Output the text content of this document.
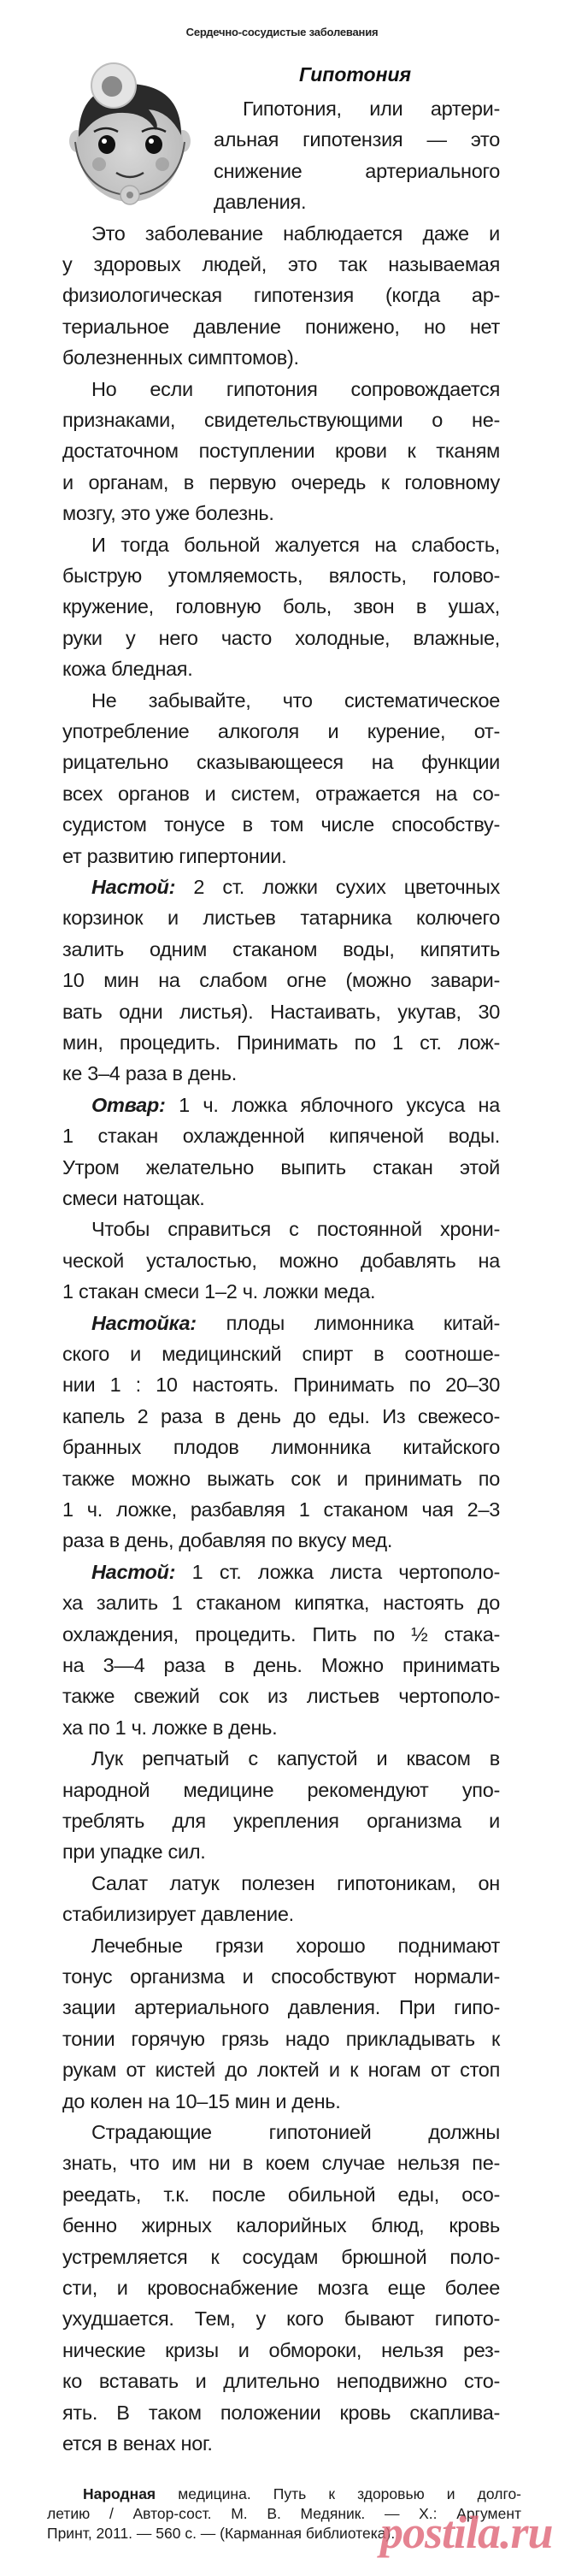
Сердечно-сосудистые заболевания
Гипотония
Гипотония, или артери-
альная гипотензия — это
снижение артериального
давления.
Это заболевание наблюдается даже и
у здоровых людей, это так называемая
физиологическая гипотензия (когда ар-
териальное давление понижено, но нет
болезненных симптомов).
Но если гипотония сопровождается
признаками, свидетельствующими о не-
достаточном поступлении крови к тканям
и органам, в первую очередь к головному
мозгу, это уже болезнь.
И тогда больной жалуется на слабость,
быструю утомляемость, вялость, голово-
кружение, головную боль, звон в ушах,
руки у него часто холодные, влажные,
кожа бледная.
Не забывайте, что систематическое
употребление алкоголя и курение, от-
рицательно сказывающееся на функции
всех органов и систем, отражается на со-
судистом тонусе в том числе способству-
ет развитию гипертонии.
Настой: 2 ст. ложки сухих цветочных
корзинок и листьев татарника колючего
залить одним стаканом воды, кипятить
10 мин на слабом огне (можно завари-
вать одни листья). Настаивать, укутав, 30
мин, процедить. Принимать по 1 ст. лож-
ке 3–4 раза в день.
Отвар: 1 ч. ложка яблочного уксуса на
1 стакан охлажденной кипяченой воды.
Утром желательно выпить стакан этой
смеси натощак.
Чтобы справиться с постоянной хрони-
ческой усталостью, можно добавлять на
1 стакан смеси 1–2 ч. ложки меда.
Настойка: плоды лимонника китай-
ского и медицинский спирт в соотноше-
нии 1 : 10 настоять. Принимать по 20–30
капель 2 раза в день до еды. Из свежесо-
бранных плодов лимонника китайского
также можно выжать сок и принимать по
1 ч. ложке, разбавляя 1 стаканом чая 2–3
раза в день, добавляя по вкусу мед.
Настой: 1 ст. ложка листа чертополо-
ха залить 1 стаканом кипятка, настоять до
охлаждения, процедить. Пить по ½ стака-
на 3—4 раза в день. Можно принимать
также свежий сок из листьев чертополо-
ха по 1 ч. ложке в день.
Лук репчатый с капустой и квасом в
народной медицине рекомендуют упо-
треблять для укрепления организма и
при упадке сил.
Салат латук полезен гипотоникам, он
стабилизирует давление.
Лечебные грязи хорошо поднимают
тонус организма и способствуют нормали-
зации артериального давления. При гипо-
тонии горячую грязь надо прикладывать к
рукам от кистей до локтей и к ногам от стоп
до колен на 10–15 мин и день.
Страдающие гипотонией должны
знать, что им ни в коем случае нельзя пе-
реедать, т.к. после обильной еды, осо-
бенно жирных калорийных блюд, кровь
устремляется к сосудам брюшной поло-
сти, и кровоснабжение мозга еще более
ухудшается. Тем, у кого бывают гипото-
нические кризы и обмороки, нельзя рез-
ко вставать и длительно неподвижно сто-
ять. В таком положении кровь скаплива-
ется в венах ног.
Народная медицина. Путь к здоровью и долго-
летию / Автор-сост. М. В. Медяник. — Х.: Аргумент
Принт, 2011. — 560 с. — (Карманная библиотека).
postila.ru
